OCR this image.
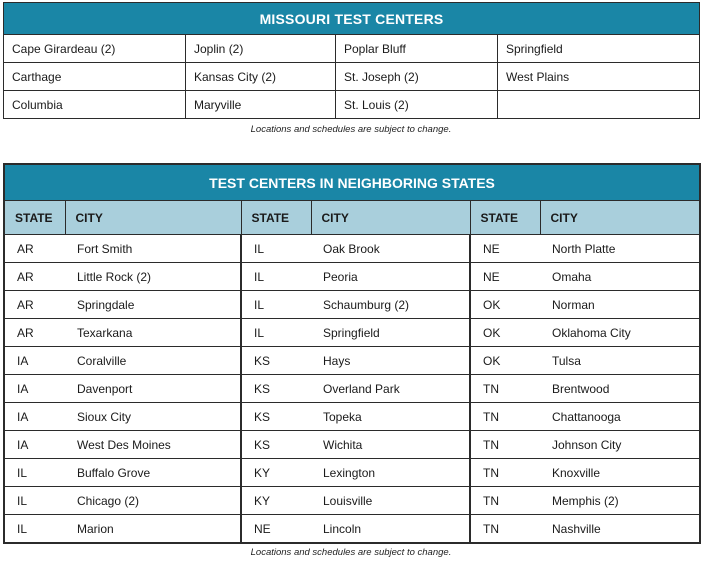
MISSOURI TEST CENTERS			
Cape Girardeau (2)	Joplin (2)	Poplar Bluff	Springfield
Carthage	Kansas City (2)	St. Joseph (2)	West Plains
Columbia	Maryville	St. Louis (2)	
Locations and schedules are subject to change.
TEST CENTERS IN NEIGHBORING STATES					
STATE	CITY	STATE	CITY	STATE	CITY
AR	Fort Smith	IL	Oak Brook	NE	North Platte
AR	Little Rock (2)	IL	Peoria	NE	Omaha
AR	Springdale	IL	Schaumburg (2)	OK	Norman
AR	Texarkana	IL	Springfield	OK	Oklahoma City
IA	Coralville	KS	Hays	OK	Tulsa
IA	Davenport	KS	Overland Park	TN	Brentwood
IA	Sioux City	KS	Topeka	TN	Chattanooga
IA	West Des Moines	KS	Wichita	TN	Johnson City
IL	Buffalo Grove	KY	Lexington	TN	Knoxville
IL	Chicago (2)	KY	Louisville	TN	Memphis (2)
IL	Marion	NE	Lincoln	TN	Nashville
Locations and schedules are subject to change.
